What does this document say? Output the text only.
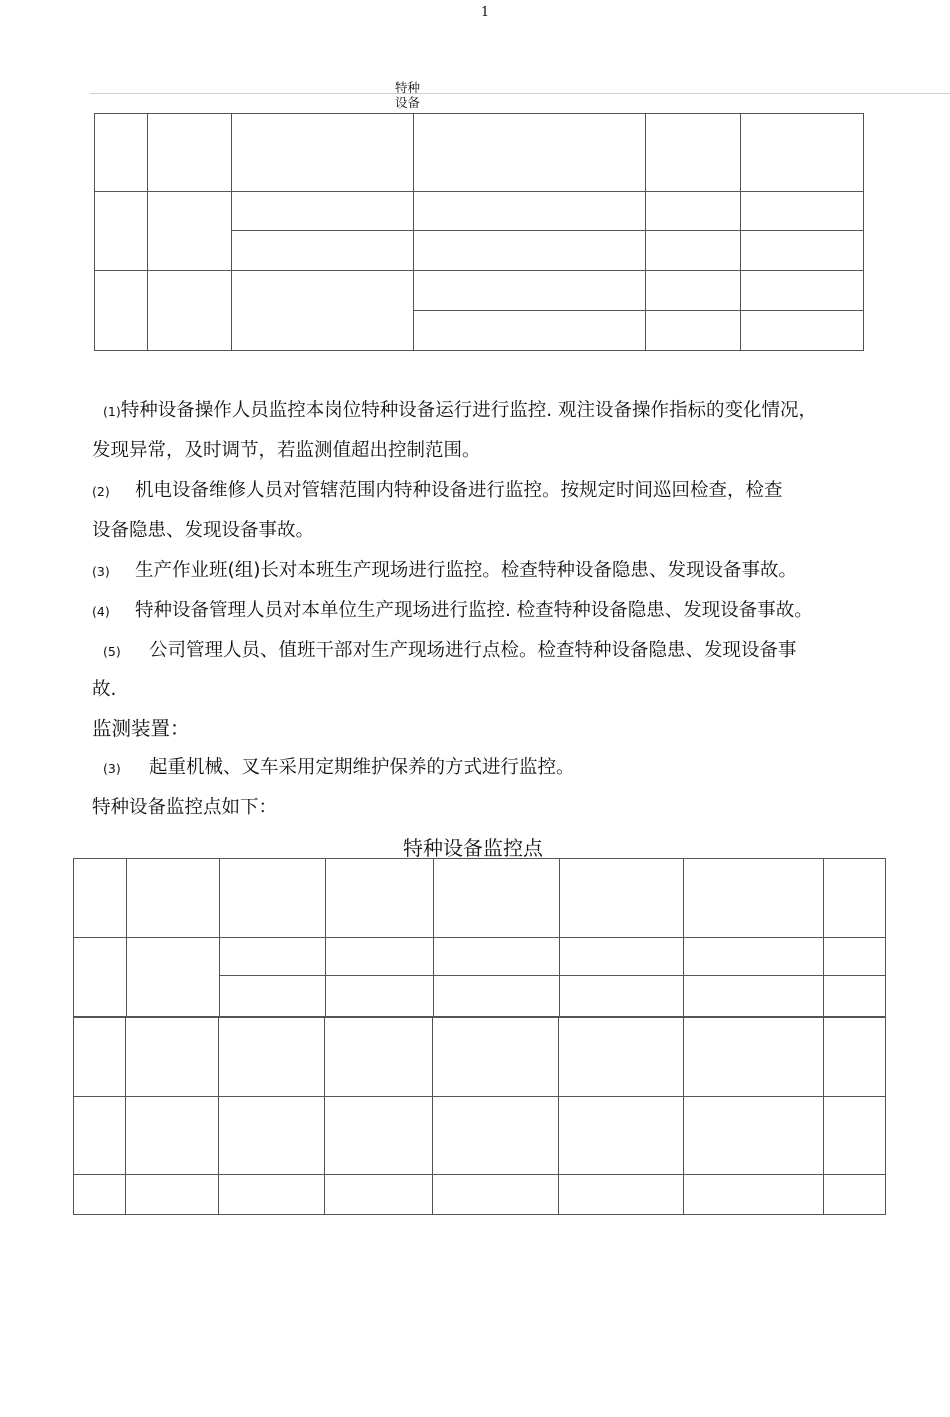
1
特种
设备

(1)特种设备操作人员监控本岗位特种设备运行进行监控. 观注设备操作指标的变化情况，
发现异常，及时调节，若监测值超出控制范围。
(2) 机电设备维修人员对管辖范围内特种设备进行监控。按规定时间巡回检查，检查
设备隐患、发现设备事故。
(3) 生产作业班(组)长对本班生产现场进行监控。检查特种设备隐患、发现设备事故。
(4) 特种设备管理人员对本单位生产现场进行监控. 检查特种设备隐患、发现设备事故。
(5) 公司管理人员、值班干部对生产现场进行点检。检查特种设备隐患、发现设备事
故.
监测装置：
(3) 起重机械、叉车采用定期维护保养的方式进行监控。
特种设备监控点如下：
特种设备监控点
